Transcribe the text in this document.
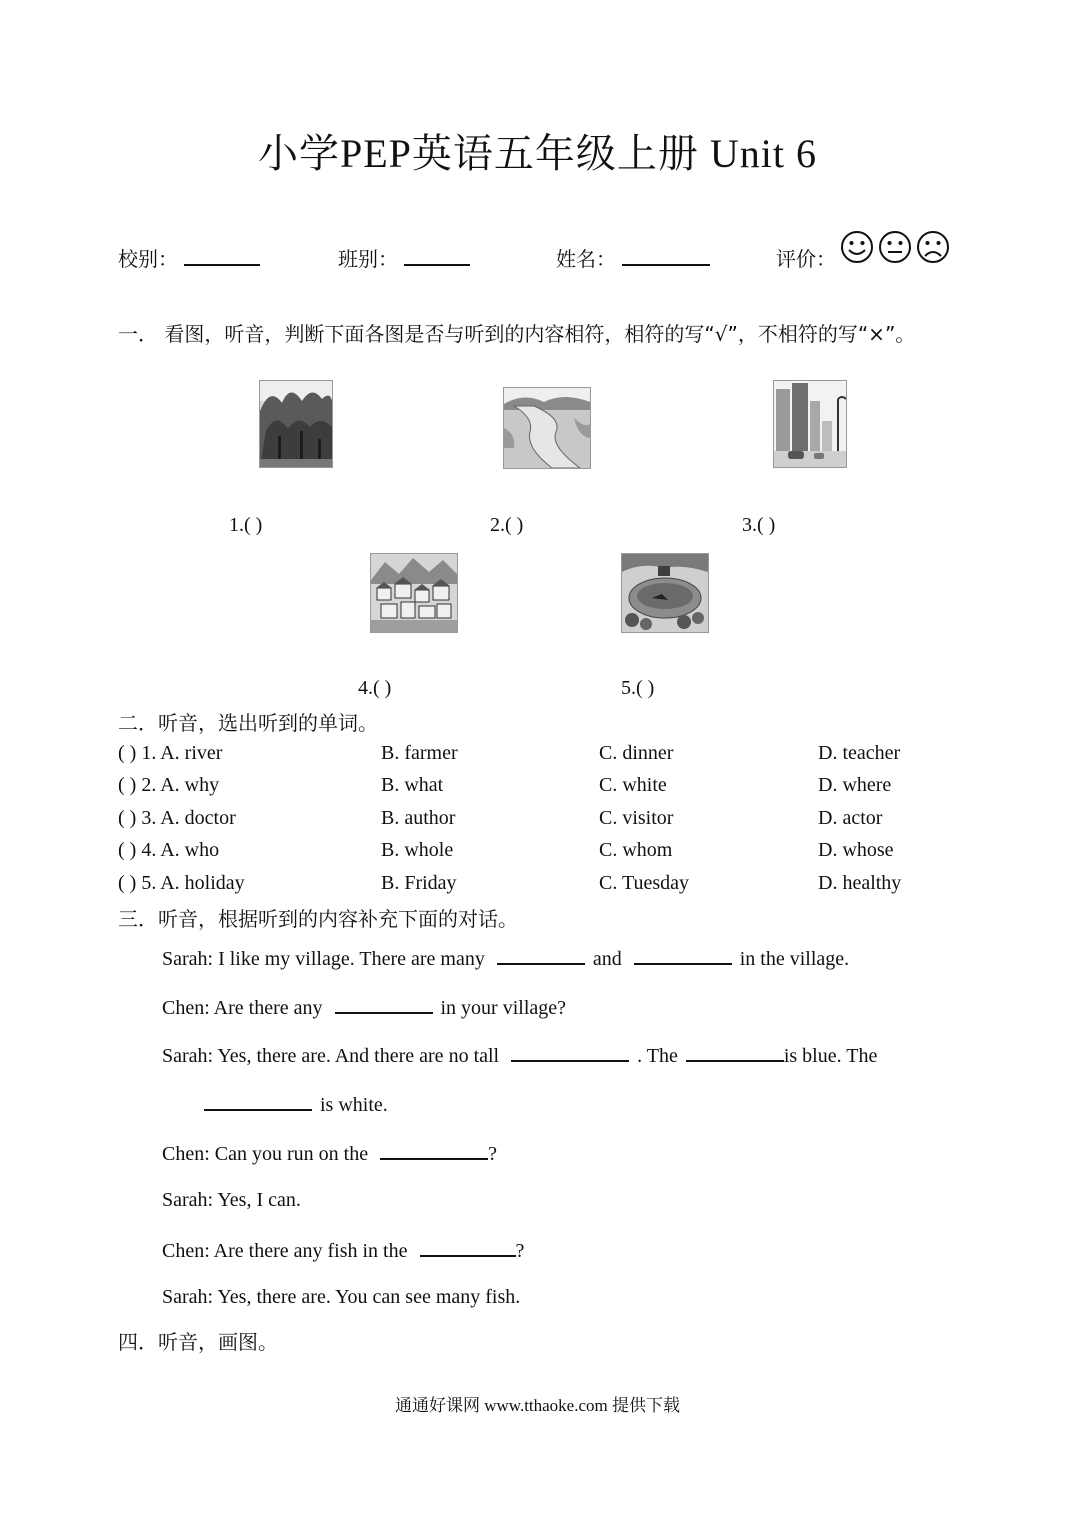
小学PEP英语五年级上册 Unit 6
校别：	班别：	姓名：	评价：
一． 看图，听音，判断下面各图是否与听到的内容相符，相符的写“√”，不相符的写“×”。
1.( )	2.( )	3.( )
4.( )	5.( )
二．听音，选出听到的单词。
( ) 1. A. river	B. farmer	C. dinner	D. teacher
( ) 2. A. why	B. what	C. white	D. where
( ) 3. A. doctor	B. author	C. visitor	D. actor
( ) 4. A. who	B. whole	C. whom	D. whose
( ) 5. A. holiday	B. Friday	C. Tuesday	D. healthy
三．听音，根据听到的内容补充下面的对话。
Sarah: I like my village. There are many	and	in the village.
Chen: Are there any	in your village?
Sarah: Yes, there are. And there are no tall	. The	is blue. The
is white.
Chen: Can you run on the	?
Sarah: Yes, I can.
Chen: Are there any fish in the	?
Sarah: Yes, there are. You can see many fish.
四．听音，画图。
通通好课网 www.tthaoke.com 提供下载
